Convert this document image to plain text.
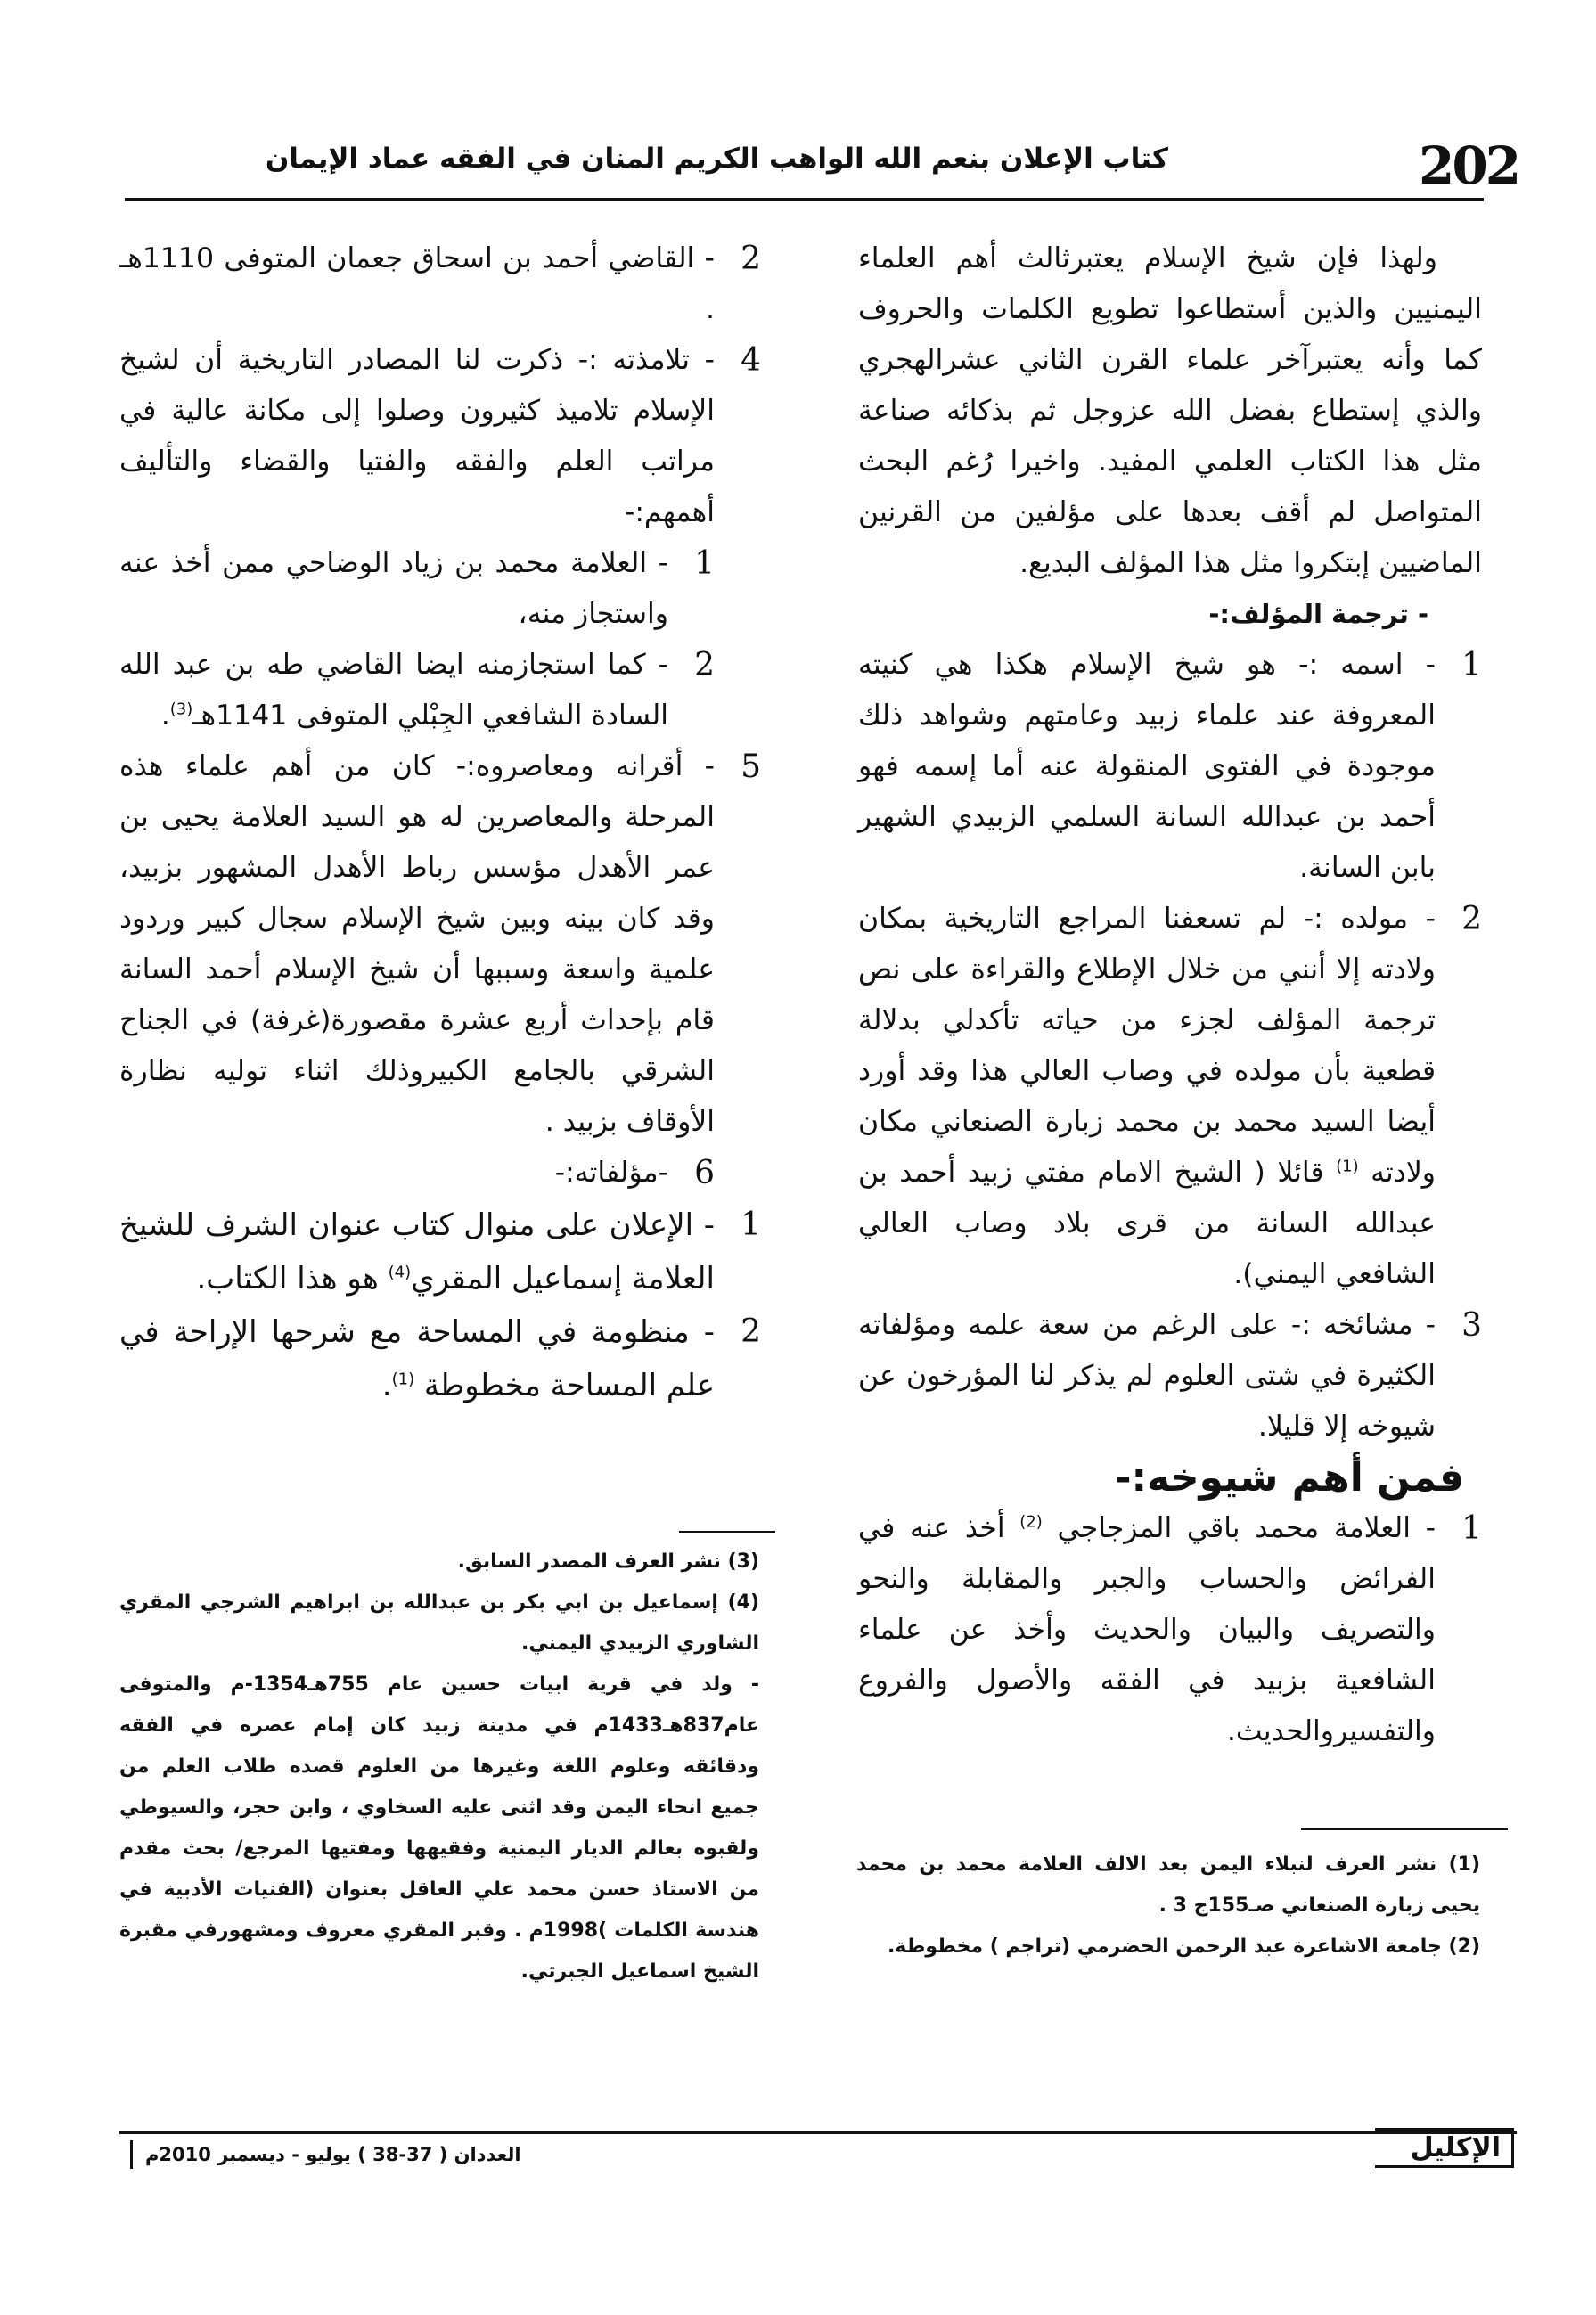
202
كتاب الإعلان بنعم الله الواهب الكريم المنان في الفقه عماد الإيمان

ولهذا فإن شيخ الإسلام يعتبرثالث أهم العلماء اليمنيين والذين أستطاعوا تطويع الكلمات والحروف كما وأنه يعتبرآخر علماء القرن الثاني عشرالهجري والذي إستطاع بفضل الله عزوجل ثم بذكائه صناعة مثل هذا الكتاب العلمي المفيد. واخيرا رُغم البحث المتواصل لم أقف بعدها على مؤلفين من القرنين الماضيين إبتكروا مثل هذا المؤلف البديع.

- ترجمة المؤلف:-

1
- اسمه :- هو شيخ الإسلام هكذا هي كنيته المعروفة عند علماء زبيد وعامتهم وشواهد ذلك موجودة في الفتوى المنقولة عنه أما إسمه فهو أحمد بن عبدالله السانة السلمي الزبيدي الشهير بابن السانة.
2
- مولده :- لم تسعفنا المراجع التاريخية بمكان ولادته إلا أنني من خلال الإطلاع والقراءة على نص ترجمة المؤلف لجزء من حياته تأكدلي بدلالة قطعية بأن مولده في وصاب العالي هذا وقد أورد أيضا السيد محمد بن محمد زبارة الصنعاني مكان ولادته $^{(1)}$ قائلا ( الشيخ الامام مفتي زبيد أحمد بن عبدالله السانة من قرى بلاد وصاب العالي الشافعي اليمني).
3
- مشائخه :- على الرغم من سعة علمه ومؤلفاته الكثيرة في شتى العلوم لم يذكر لنا المؤرخون عن شيوخه إلا قليلا.

فمن أهم شيوخه:-

1
- العلامة محمد باقي المزجاجي $^{(2)}$ أخذ عنه في الفرائض والحساب والجبر والمقابلة والنحو والتصريف والبيان والحديث وأخذ عن علماء الشافعية بزبيد في الفقه والأصول والفروع والتفسيروالحديث.
2
- القاضي أحمد بن اسحاق جعمان المتوفى 1110هـ .
4
- تلامذته :- ذكرت لنا المصادر التاريخية أن لشيخ الإسلام تلاميذ كثيرون وصلوا إلى مكانة عالية في مراتب العلم والفقه والفتيا والقضاء والتأليف أهمهم:-
1
- العلامة محمد بن زياد الوضاحي ممن أخذ عنه واستجاز منه،
2
- كما استجازمنه ايضا القاضي طه بن عبد الله السادة الشافعي الجِبْلي المتوفى 1141هـ$^{(3)}$.
5
- أقرانه ومعاصروه:- كان من أهم علماء هذه المرحلة والمعاصرين له هو السيد العلامة يحيى بن عمر الأهدل مؤسس رباط الأهدل المشهور بزبيد، وقد كان بينه وبين شيخ الإسلام سجال كبير وردود علمية واسعة وسببها أن شيخ الإسلام أحمد السانة قام بإحداث أربع عشرة مقصورة(غرفة) في الجناح الشرقي بالجامع الكبيروذلك اثناء توليه نظارة الأوقاف بزبيد .
6
-مؤلفاته:-
1
- الإعلان على منوال كتاب عنوان الشرف للشيخ العلامة إسماعيل المقري$^{(4)}$ هو هذا الكتاب.
2
- منظومة في المساحة مع شرحها الإراحة في علم المساحة مخطوطة $^{(1)}$.

(3) نشر العرف المصدر السابق.

(4) إسماعيل بن ابي بكر بن عبدالله بن ابراهيم الشرجي المقري الشاوري الزبيدي اليمني.

- ولد في قرية ابيات حسين عام 755هـ1354-م والمتوفى عام837هـ1433م في مدينة زبيد كان إمام عصره في الفقه ودقائقه وعلوم اللغة وغيرها من العلوم قصده طلاب العلم من جميع انحاء اليمن وقد اثنى عليه السخاوي ، وابن حجر، والسيوطي ولقبوه بعالم الديار اليمنية وفقيهها ومفتيها المرجع/ بحث مقدم من الاستاذ حسن محمد علي العاقل بعنوان (الفنيات الأدبية في هندسة الكلمات )1998م . وقبر المقري معروف ومشهورفي مقبرة الشيخ اسماعيل الجبرتي.

(1) نشر العرف لنبلاء اليمن بعد الالف العلامة محمد بن محمد يحيى زبارة الصنعاني صـ155ج 3 .

(2) جامعة الاشاعرة عبد الرحمن الحضرمي (تراجم ) مخطوطة.

العددان ( 37-38 ) يوليو - ديسمبر 2010م	الإكليل
